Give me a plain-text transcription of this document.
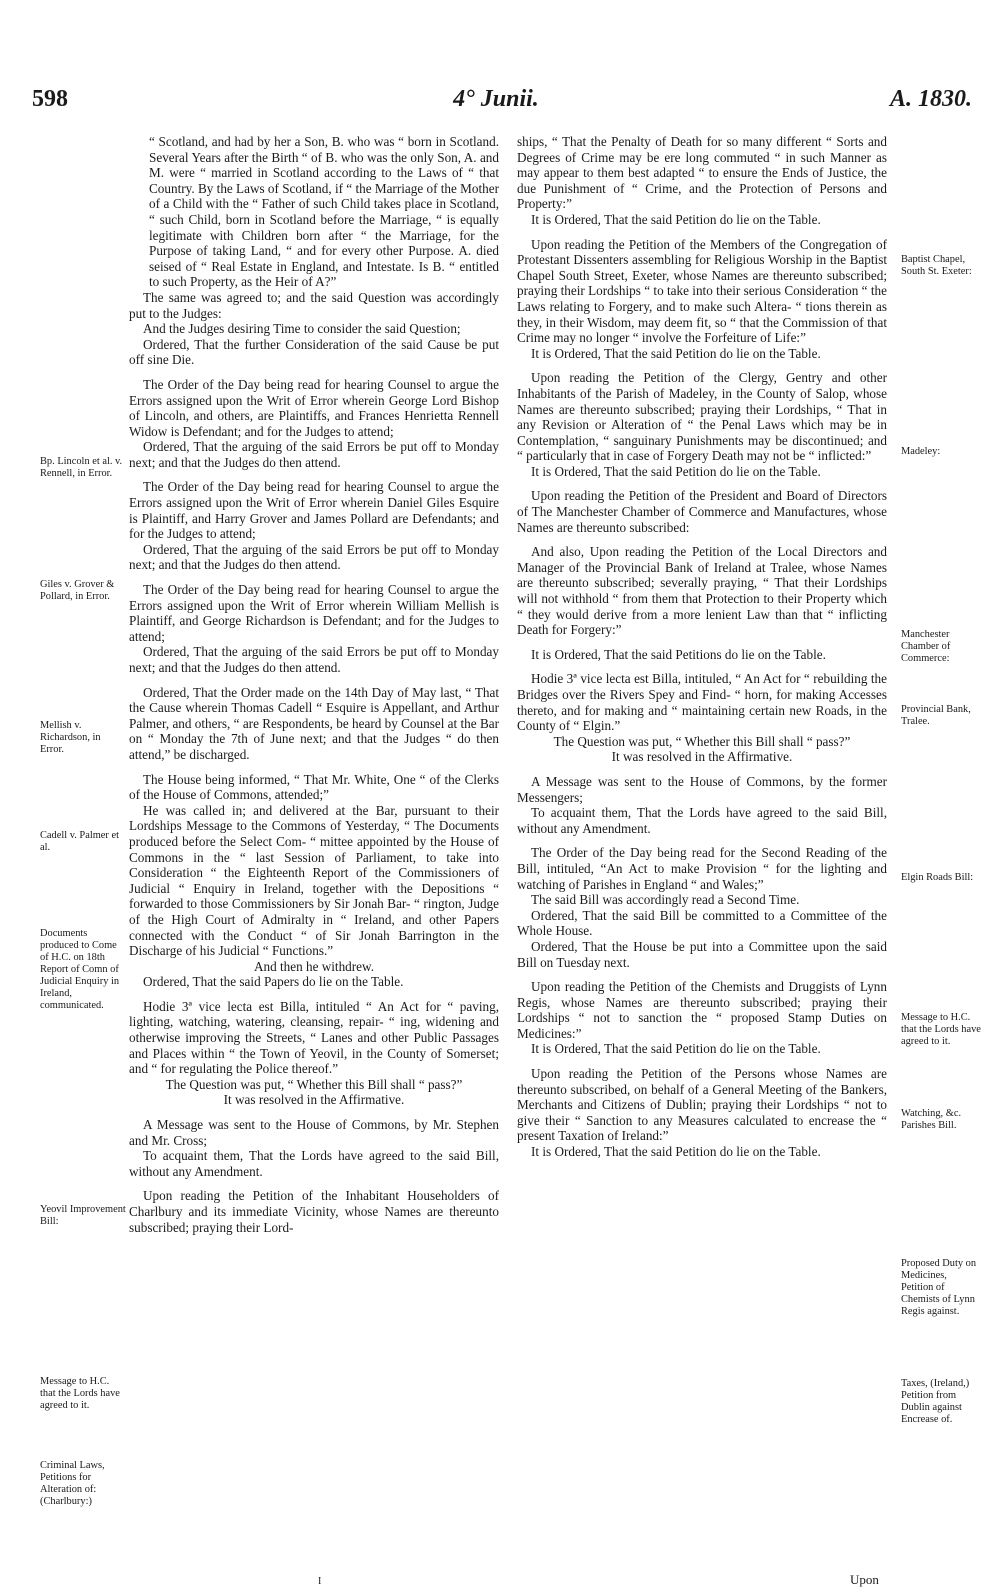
598	4° Junii.	A. 1830.

“ Scotland, and had by her a Son, B. who was “ born in Scotland. Several Years after the Birth “ of B. who was the only Son, A. and M. were “ married in Scotland according to the Laws of “ that Country. By the Laws of Scotland, if “ the Marriage of the Mother of a Child with the “ Father of such Child takes place in Scotland, “ such Child, born in Scotland before the Marriage, “ is equally legitimate with Children born after “ the Marriage, for the Purpose of taking Land, “ and for every other Purpose. A. died seised of “ Real Estate in England, and Intestate. Is B. “ entitled to such Property, as the Heir of A?”

The same was agreed to; and the said Question was accordingly put to the Judges:

And the Judges desiring Time to consider the said Question;

Ordered, That the further Consideration of the said Cause be put off sine Die.

The Order of the Day being read for hearing Counsel to argue the Errors assigned upon the Writ of Error wherein George Lord Bishop of Lincoln, and others, are Plaintiffs, and Frances Henrietta Rennell Widow is Defendant; and for the Judges to attend;

Ordered, That the arguing of the said Errors be put off to Monday next; and that the Judges do then attend.

The Order of the Day being read for hearing Counsel to argue the Errors assigned upon the Writ of Error wherein Daniel Giles Esquire is Plaintiff, and Harry Grover and James Pollard are Defendants; and for the Judges to attend;

Ordered, That the arguing of the said Errors be put off to Monday next; and that the Judges do then attend.

The Order of the Day being read for hearing Counsel to argue the Errors assigned upon the Writ of Error wherein William Mellish is Plaintiff, and George Richardson is Defendant; and for the Judges to attend;

Ordered, That the arguing of the said Errors be put off to Monday next; and that the Judges do then attend.

Ordered, That the Order made on the 14th Day of May last, “ That the Cause wherein Thomas Cadell “ Esquire is Appellant, and Arthur Palmer, and others, “ are Respondents, be heard by Counsel at the Bar on “ Monday the 7th of June next; and that the Judges “ do then attend,” be discharged.

The House being informed, “ That Mr. White, One “ of the Clerks of the House of Commons, attended;”

He was called in; and delivered at the Bar, pursuant to their Lordships Message to the Commons of Yesterday, “ The Documents produced before the Select Com- “ mittee appointed by the House of Commons in the “ last Session of Parliament, to take into Consideration “ the Eighteenth Report of the Commissioners of Judicial “ Enquiry in Ireland, together with the Depositions “ forwarded to those Commissioners by Sir Jonah Bar- “ rington, Judge of the High Court of Admiralty in “ Ireland, and other Papers connected with the Conduct “ of Sir Jonah Barrington in the Discharge of his Judicial “ Functions.”

And then he withdrew.

Ordered, That the said Papers do lie on the Table.

Hodie 3ª vice lecta est Billa, intituled “ An Act for “ paving, lighting, watching, watering, cleansing, repair- “ ing, widening and otherwise improving the Streets, “ Lanes and other Public Passages and Places within “ the Town of Yeovil, in the County of Somerset; and “ for regulating the Police thereof.”

The Question was put, “ Whether this Bill shall “ pass?”

It was resolved in the Affirmative.

A Message was sent to the House of Commons, by Mr. Stephen and Mr. Cross;

To acquaint them, That the Lords have agreed to the said Bill, without any Amendment.

Upon reading the Petition of the Inhabitant Householders of Charlbury and its immediate Vicinity, whose Names are thereunto subscribed; praying their Lord-

ships, “ That the Penalty of Death for so many different “ Sorts and Degrees of Crime may be ere long commuted “ in such Manner as may appear to them best adapted “ to ensure the Ends of Justice, the due Punishment of “ Crime, and the Protection of Persons and Property:”

It is Ordered, That the said Petition do lie on the Table.

Upon reading the Petition of the Members of the Congregation of Protestant Dissenters assembling for Religious Worship in the Baptist Chapel South Street, Exeter, whose Names are thereunto subscribed; praying their Lordships “ to take into their serious Consideration “ the Laws relating to Forgery, and to make such Altera- “ tions therein as they, in their Wisdom, may deem fit, so “ that the Commission of that Crime may no longer “ involve the Forfeiture of Life:”

It is Ordered, That the said Petition do lie on the Table.

Upon reading the Petition of the Clergy, Gentry and other Inhabitants of the Parish of Madeley, in the County of Salop, whose Names are thereunto subscribed; praying their Lordships, “ That in any Revision or Alteration of “ the Penal Laws which may be in Contemplation, “ sanguinary Punishments may be discontinued; and “ particularly that in case of Forgery Death may not be “ inflicted:”

It is Ordered, That the said Petition do lie on the Table.

Upon reading the Petition of the President and Board of Directors of The Manchester Chamber of Commerce and Manufactures, whose Names are thereunto subscribed:

And also, Upon reading the Petition of the Local Directors and Manager of the Provincial Bank of Ireland at Tralee, whose Names are thereunto subscribed; severally praying, “ That their Lordships will not withhold “ from them that Protection to their Property which “ they would derive from a more lenient Law than that “ inflicting Death for Forgery:”

It is Ordered, That the said Petitions do lie on the Table.

Hodie 3ª vice lecta est Billa, intituled, “ An Act for “ rebuilding the Bridges over the Rivers Spey and Find- “ horn, for making Accesses thereto, and for making and “ maintaining certain new Roads, in the County of “ Elgin.”

The Question was put, “ Whether this Bill shall “ pass?”

It was resolved in the Affirmative.

A Message was sent to the House of Commons, by the former Messengers;

To acquaint them, That the Lords have agreed to the said Bill, without any Amendment.

The Order of the Day being read for the Second Reading of the Bill, intituled, “An Act to make Provision “ for the lighting and watching of Parishes in England “ and Wales;”

The said Bill was accordingly read a Second Time.

Ordered, That the said Bill be committed to a Committee of the Whole House.

Ordered, That the House be put into a Committee upon the said Bill on Tuesday next.

Upon reading the Petition of the Chemists and Druggists of Lynn Regis, whose Names are thereunto subscribed; praying their Lordships “ not to sanction the “ proposed Stamp Duties on Medicines:”

It is Ordered, That the said Petition do lie on the Table.

Upon reading the Petition of the Persons whose Names are thereunto subscribed, on behalf of a General Meeting of the Bankers, Merchants and Citizens of Dublin; praying their Lordships “ not to give their “ Sanction to any Measures calculated to encrease the “ present Taxation of Ireland:”

It is Ordered, That the said Petition do lie on the Table.

Bp. Lincoln et al. v. Rennell, in Error.
Giles v. Grover & Pollard, in Error.
Mellish v. Richardson, in Error.
Cadell v. Palmer et al.
Documents produced to Come of H.C. on 18th Report of Comn of Judicial Enquiry in Ireland, communicated.
Yeovil Improvement Bill:
Message to H.C. that the Lords have agreed to it.
Criminal Laws, Petitions for Alteration of: (Charlbury:)
Baptist Chapel, South St. Exeter:
Madeley:
Manchester Chamber of Commerce:
Provincial Bank, Tralee.
Elgin Roads Bill:
Message to H.C. that the Lords have agreed to it.
Watching, &c. Parishes Bill.
Proposed Duty on Medicines, Petition of Chemists of Lynn Regis against.
Taxes, (Ireland,) Petition from Dublin against Encrease of.
I	Upon
